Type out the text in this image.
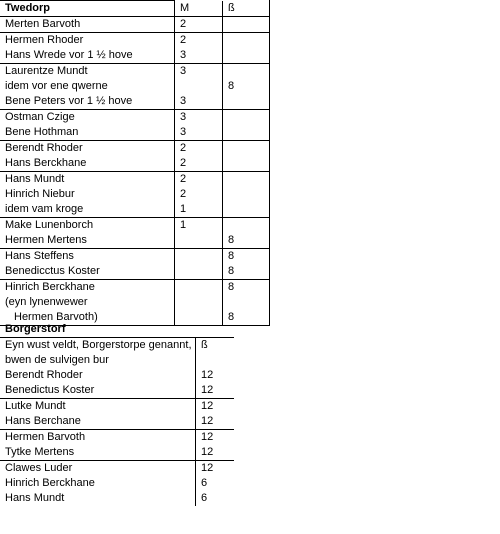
Twedorp	M	ß
Merten Barvoth	2	
Hermen Rhoder	2	
Hans Wrede vor 1 ½ hove	3	
Laurentze Mundt	3	
idem vor ene qwerne		8
Bene Peters vor 1 ½ hove	3	
Ostman Czige	3	
Bene Hothman	3	
Berendt Rhoder	2	
Hans Berckhane	2	
Hans Mundt	2	
Hinrich Niebur	2	
idem vam kroge	1	
Make Lunenborch	1	
Hermen Mertens		8
Hans Steffens		8
Benedicctus Koster		8
Hinrich Berckhane		8
(eyn lynenwewer		
Hermen Barvoth)		8
Borgerstorf	
Eyn wust veldt, Borgerstorpe genannt,	ß
bwen de sulvigen bur	
Berendt Rhoder	12
Benedictus Koster	12
Lutke Mundt	12
Hans Berchane	12
Hermen Barvoth	12
Tytke Mertens	12
Clawes Luder	12
Hinrich Berckhane	6
Hans Mundt	6
